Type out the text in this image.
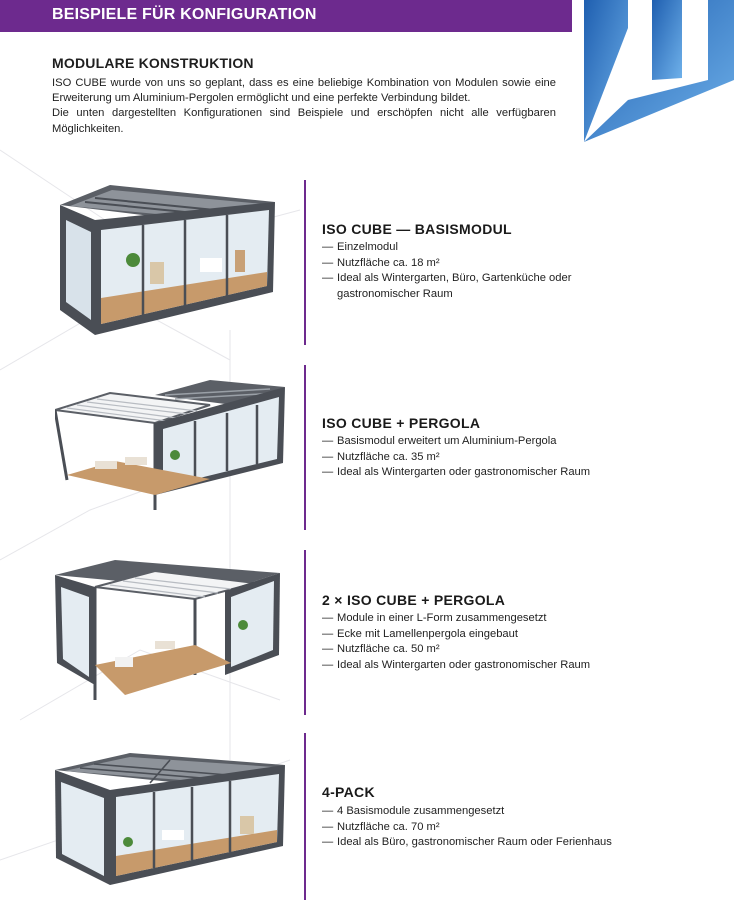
BEISPIELE FÜR KONFIGURATION
MODULARE KONSTRUKTION

ISO CUBE wurde von uns so geplant, dass es eine beliebige Kombination von Modulen sowie eine Erweiterung um Aluminium-Pergolen ermöglicht und eine perfekte Verbindung bildet.

Die unten dargestellten Konfigurationen sind Beispiele und erschöpfen nicht alle verfügbaren Möglichkeiten.

ISO CUBE — BASISMODUL
— Einzelmodul
— Nutzfläche ca. 18 m²
— Ideal als Wintergarten, Büro, Gartenküche oder gastronomischer Raum
ISO CUBE + PERGOLA
— Basismodul erweitert um Aluminium-Pergola
— Nutzfläche ca. 35 m²
— Ideal als Wintergarten oder gastronomischer Raum
2 × ISO CUBE + PERGOLA
— Module in einer L-Form zusammengesetzt
— Ecke mit Lamellenpergola eingebaut
— Nutzfläche ca. 50 m²
— Ideal als Wintergarten oder gastronomischer Raum
4-PACK
— 4 Basismodule zusammengesetzt
— Nutzfläche ca. 70 m²
— Ideal als Büro, gastronomischer Raum oder Ferienhaus
